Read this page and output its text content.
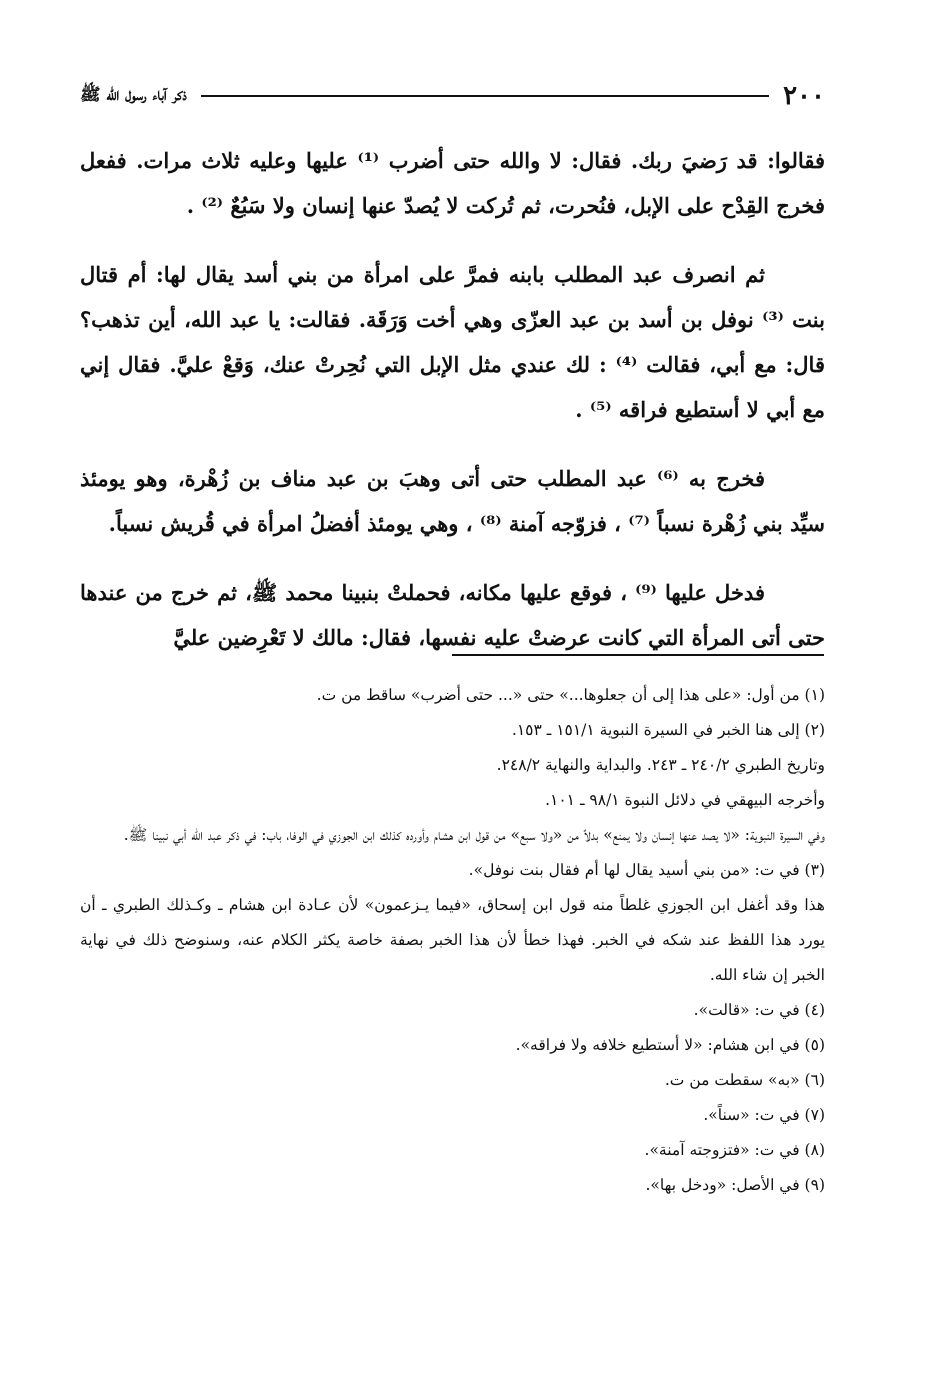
٢٠٠
ذكر آباء رسول الله ﷺ

فقالوا: قد رَضيَ ربك. فقال: لا والله حتى أضرب ⁽¹⁾ عليها وعليه ثلاث مرات. ففعل فخرج القِدْح على الإبل، فنُحرت، ثم تُركت لا يُصدّ عنها إنسان ولا سَبُعٌ ⁽²⁾ .

ثم انصرف عبد المطلب بابنه فمرَّ على امرأة من بني أسد يقال لها: أم قتال بنت ⁽³⁾ نوفل بن أسد بن عبد العزّى وهي أخت وَرَقَة. فقالت: يا عبد الله، أين تذهب؟ قال: مع أبي، فقالت ⁽⁴⁾ : لك عندي مثل الإبل التي نُحِرتْ عنك، وَقعْ عليَّ. فقال إني مع أبي لا أستطيع فراقه ⁽⁵⁾ .

فخرج به ⁽⁶⁾ عبد المطلب حتى أتى وهبَ بن عبد مناف بن زُهْرة، وهو يومئذ سيِّد بني زُهْرة نسباً ⁽⁷⁾ ، فزوّجه آمنة ⁽⁸⁾ ، وهي يومئذ أفضلُ امرأة في قُريش نسباً.

فدخل عليها ⁽⁹⁾ ، فوقع عليها مكانه، فحملتْ بنبينا محمد ﷺ، ثم خرج من عندها حتى أتى المرأة التي كانت عرضتْ عليه نفسها، فقال: مالك لا تَعْرِضين عليَّ

(١) من أول: «على هذا إلى أن جعلوها...» حتى «... حتى أضرب» ساقط من ت.
(٢) إلى هنا الخبر في السيرة النبوية ١٥١/١ ـ ١٥٣.
وتاريخ الطبري ٢٤٠/٢ ـ ٢٤٣. والبداية والنهاية ٢٤٨/٢.
وأخرجه البيهقي في دلائل النبوة ٩٨/١ ـ ١٠١.
وفي السيرة النبوية: «لا يصد عنها إنسان ولا يمنع» بدلاً من «ولا سبع» من قول ابن هشام وأورده كذلك ابن الجوزي في الوفا، باب: في ذكر عبد الله أبي نبينا ﷺ.
(٣) في ت: «من بني أسيد يقال لها أم فقال بنت نوفل».
هذا وقد أغفل ابن الجوزي غلطاً منه قول ابن إسحاق، «فيما يـزعمون» لأن عـادة ابن هشام ـ وكـذلك الطبري ـ أن يورد هذا اللفظ عند شكه في الخبر. فهذا خطأ لأن هذا الخبر بصفة خاصة يكثر الكلام عنه، وسنوضح ذلك في نهاية الخبر إن شاء الله.
(٤) في ت: «قالت».
(٥) في ابن هشام: «لا أستطيع خلافه ولا فراقه».
(٦) «به» سقطت من ت.
(٧) في ت: «سناً».
(٨) في ت: «فتزوجته آمنة».
(٩) في الأصل: «ودخل بها».
